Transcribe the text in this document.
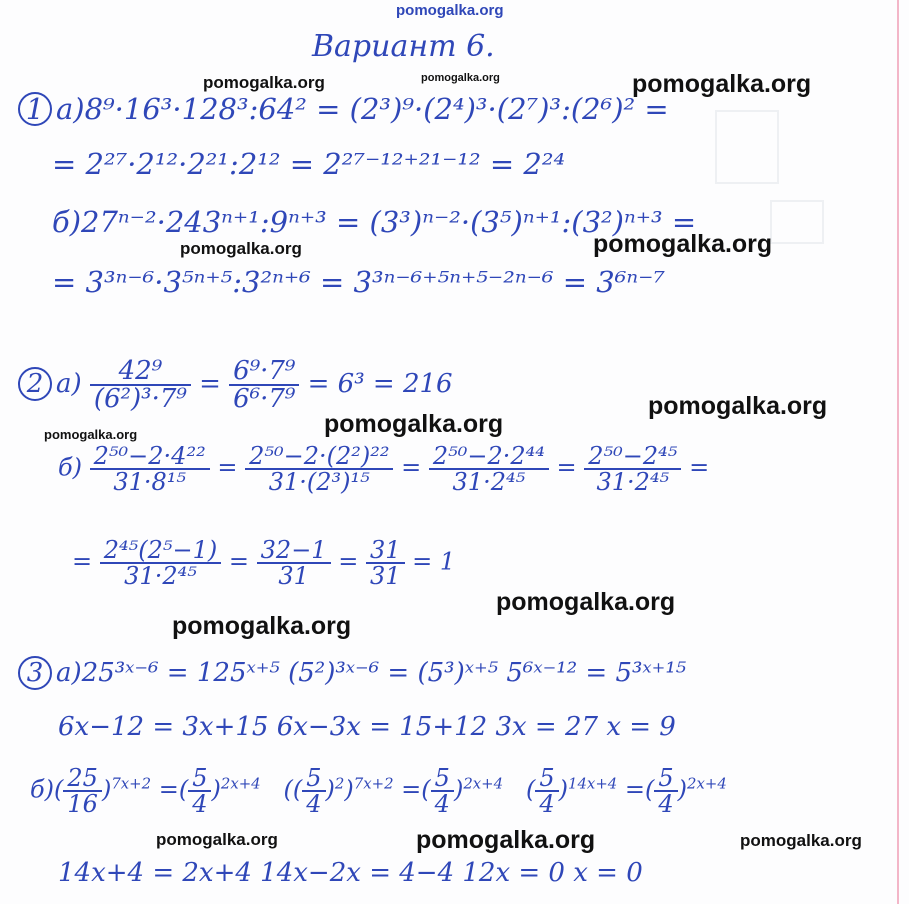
pomogalka.org
Вариант 6.
pomogalka.org	pomogalka.org	pomogalka.org
1 а)8⁹·16³·128³:64² = (2³)⁹·(2⁴)³·(2⁷)³:(2⁶)² =
= 2²⁷·2¹²·2²¹:2¹² = 2²⁷⁻¹²⁺²¹⁻¹² = 2²⁴
б)27ⁿ⁻²·243ⁿ⁺¹:9ⁿ⁺³ = (3³)ⁿ⁻²·(3⁵)ⁿ⁺¹:(3²)ⁿ⁺³ =
pomogalka.org	pomogalka.org
= 3³ⁿ⁻⁶·3⁵ⁿ⁺⁵:3²ⁿ⁺⁶ = 3³ⁿ⁻⁶⁺⁵ⁿ⁺⁵⁻²ⁿ⁻⁶ = 3⁶ⁿ⁻⁷
2 $а) \frac{\text{42⁹}}{\text{(6²)³·7⁹}} = \frac{\text{6⁹·7⁹}}{\text{6⁶·7⁹}} = 6^3 = 216$
pomogalka.org
pomogalka.org
pomogalka.org
$б) \frac{\text{2⁵⁰−2·4²²}}{\text{31·8¹⁵}} = \frac{\text{2⁵⁰−2·(2²)²²}}{\text{31·(2³)¹⁵}} = \frac{\text{2⁵⁰−2·2⁴⁴}}{\text{31·2⁴⁵}} = \frac{\text{2⁵⁰−2⁴⁵}}{\text{31·2⁴⁵}}$ =
= $\frac{\text{2⁴⁵(2⁵−1)}}{\text{31·2⁴⁵}} = \frac{32-1}{31} = \frac{31}{31} = 1$
pomogalka.org
pomogalka.org
3 а)25³ˣ⁻⁶ = 125ˣ⁺⁵ (5²)³ˣ⁻⁶ = (5³)ˣ⁺⁵ 5⁶ˣ⁻¹² = 5³ˣ⁺¹⁵
6x−12 = 3x+15 6x−3x = 15+12 3x = 27 x = 9
$б)( \frac{25}{16} )^{7x+2}$ =( $\frac{5}{4} )^{2x+4}$   (( $\frac{5}{4} )^2)^{7x+2}$ =( $\frac{5}{4} )^{2x+4}$   ( $\frac{5}{4} )^{14x+4}$ =( $\frac{5}{4} )^{2x+4}$
pomogalka.org	pomogalka.org	pomogalka.org
14x+4 = 2x+4 14x−2x = 4−4 12x = 0 x = 0
